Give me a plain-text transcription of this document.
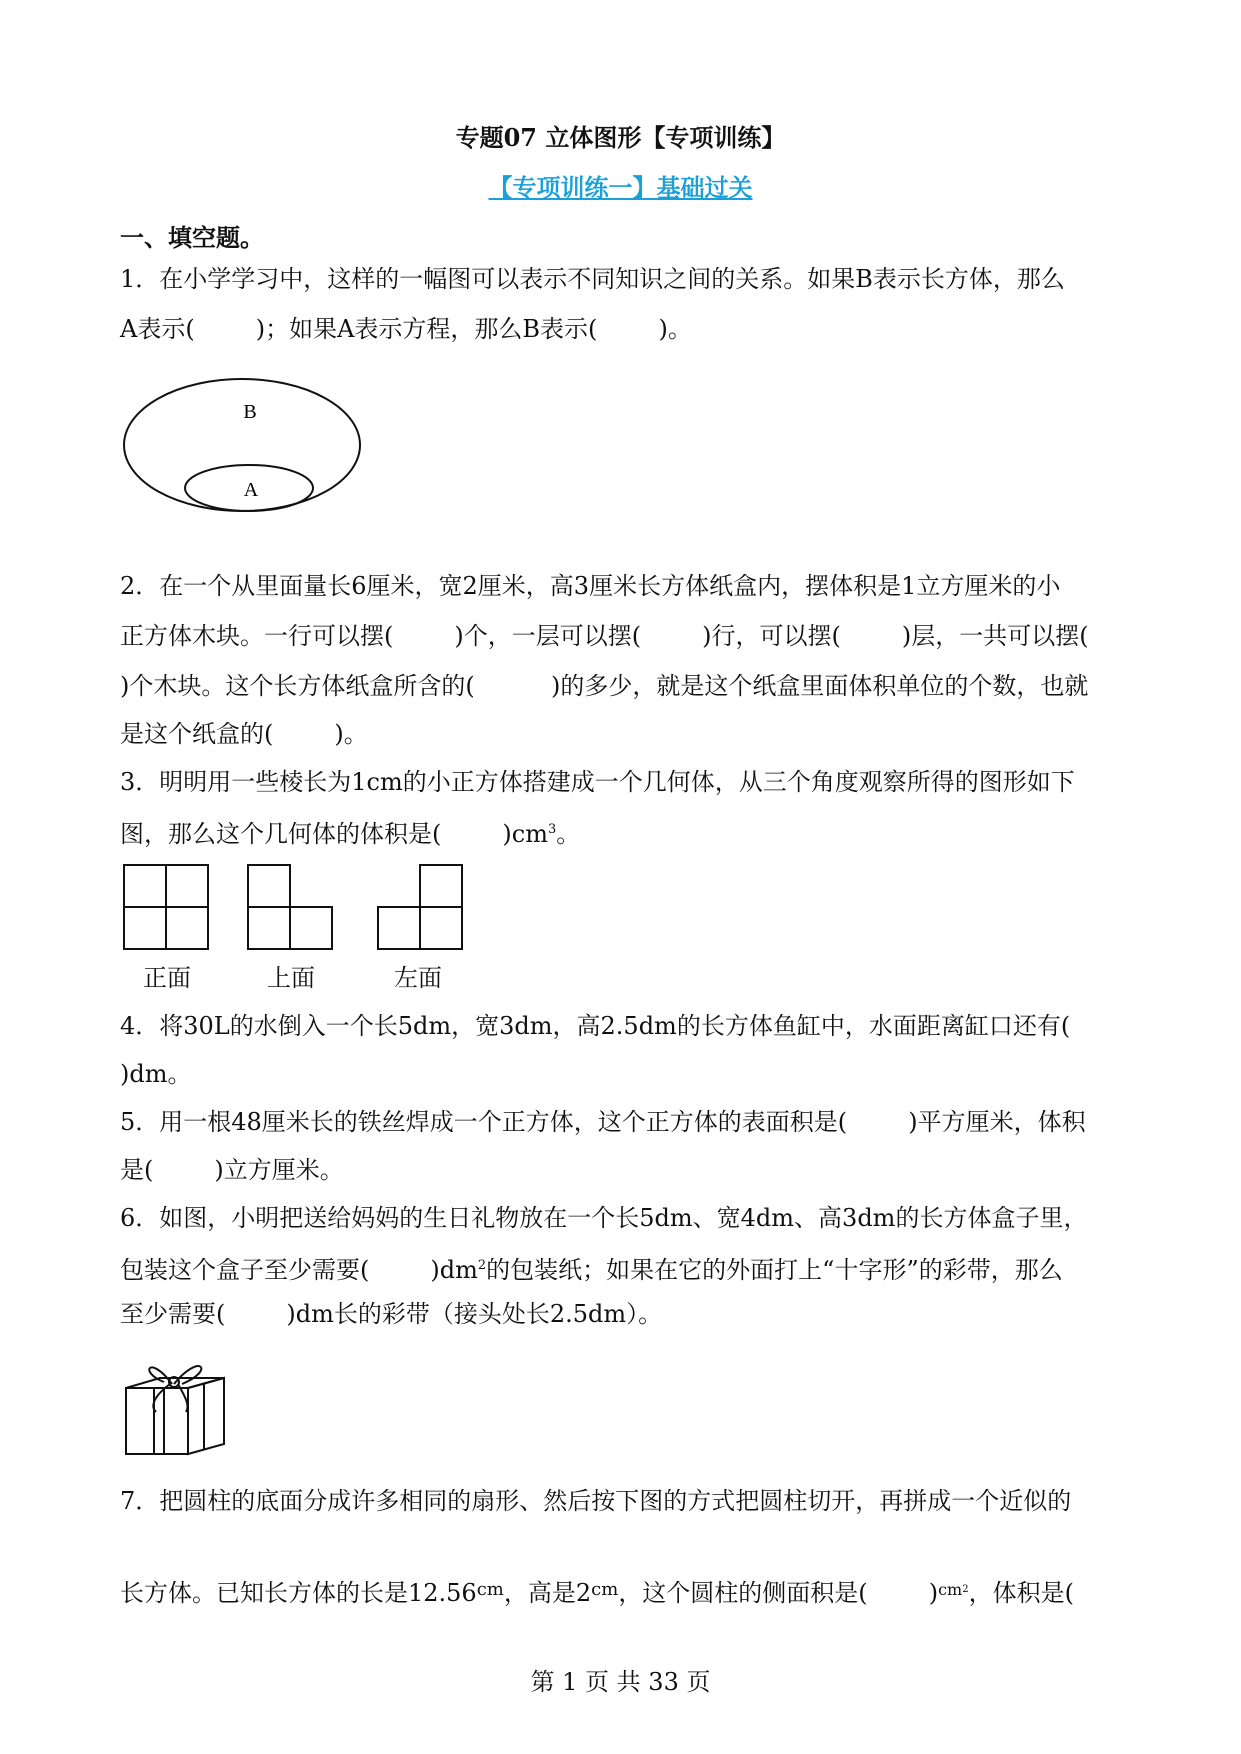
专题07 立体图形【专项训练】
【专项训练一】基础过关
一、填空题。
1．在小学学习中，这样的一幅图可以表示不同知识之间的关系。如果B表示长方体，那么
A表示(        )；如果A表示方程，那么B表示(        )。
B
A
2．在一个从里面量长6厘米，宽2厘米，高3厘米长方体纸盒内，摆体积是1立方厘米的小
正方体木块。一行可以摆(        )个，一层可以摆(        )行，可以摆(        )层，一共可以摆(
)个木块。这个长方体纸盒所含的(          )的多少，就是这个纸盒里面体积单位的个数，也就
是这个纸盒的(        )。
3．明明用一些棱长为1cm的小正方体搭建成一个几何体，从三个角度观察所得的图形如下
图，那么这个几何体的体积是(        )$cm^3$。
正面	上面	左面
4．将30L的水倒入一个长5dm，宽3dm，高2.5dm的长方体鱼缸中，水面距离缸口还有(
)dm。
5．用一根48厘米长的铁丝焊成一个正方体，这个正方体的表面积是(        )平方厘米，体积
是(        )立方厘米。
6．如图，小明把送给妈妈的生日礼物放在一个长5dm、宽4dm、高3dm的长方体盒子里，
包装这个盒子至少需要(        )$dm^2$的包装纸；如果在它的外面打上“十字形”的彩带，那么
至少需要(        )dm长的彩带（接头处长2.5dm）。
7．把圆柱的底面分成许多相同的扇形、然后按下图的方式把圆柱切开，再拼成一个近似的
长方体。已知长方体的长是$12.56^{cm}$，高是$2^{cm}$，这个圆柱的侧面积是(        )$^{cm2}$，体积是(
第 1 页 共 33 页
